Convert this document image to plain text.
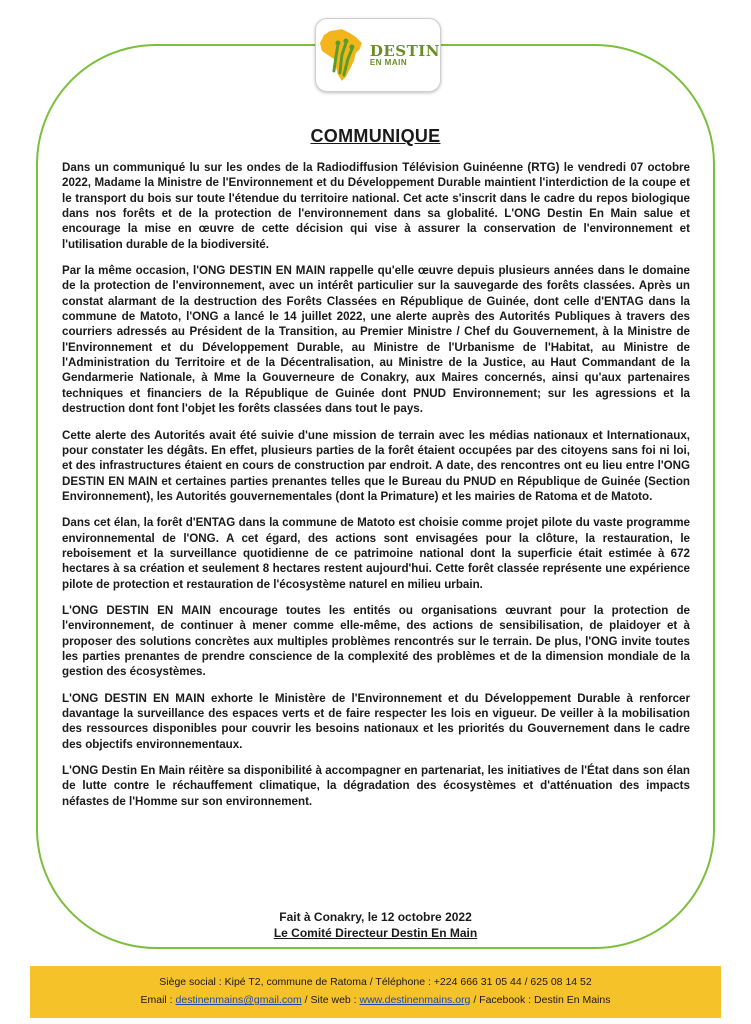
DESTIN
EN MAIN
COMMUNIQUE

Dans un communiqué lu sur les ondes de la Radiodiffusion Télévision Guinéenne (RTG) le vendredi 07 octobre 2022, Madame la Ministre de l'Environnement et du Développement Durable maintient l'interdiction de la coupe et le transport du bois sur toute l'étendue du territoire national. Cet acte s'inscrit dans le cadre du repos biologique dans nos forêts et de la protection de l'environnement dans sa globalité. L'ONG Destin En Main salue et encourage la mise en œuvre de cette décision qui vise à assurer la conservation de l'environnement et l'utilisation durable de la biodiversité.

Par la même occasion, l'ONG DESTIN EN MAIN rappelle qu'elle œuvre depuis plusieurs années dans le domaine de la protection de l'environnement, avec un intérêt particulier sur la sauvegarde des forêts classées. Après un constat alarmant de la destruction des Forêts Classées en République de Guinée, dont celle d'ENTAG dans la commune de Matoto, l'ONG a lancé le 14 juillet 2022, une alerte auprès des Autorités Publiques à travers des courriers adressés au Président de la Transition, au Premier Ministre / Chef du Gouvernement, à la Ministre de l'Environnement et du Développement Durable, au Ministre de l'Urbanisme de l'Habitat, au Ministre de l'Administration du Territoire et de la Décentralisation, au Ministre de la Justice, au Haut Commandant de la Gendarmerie Nationale, à Mme la Gouverneure de Conakry, aux Maires concernés, ainsi qu'aux partenaires techniques et financiers de la République de Guinée dont PNUD Environnement; sur les agressions et la destruction dont font l'objet les forêts classées dans tout le pays.

Cette alerte des Autorités avait été suivie d'une mission de terrain avec les médias nationaux et Internationaux, pour constater les dégâts. En effet, plusieurs parties de la forêt étaient occupées par des citoyens sans foi ni loi, et des infrastructures étaient en cours de construction par endroit. A date, des rencontres ont eu lieu entre l'ONG DESTIN EN MAIN et certaines parties prenantes telles que le Bureau du PNUD en République de Guinée (Section Environnement), les Autorités gouvernementales (dont la Primature) et les mairies de Ratoma et de Matoto.

Dans cet élan, la forêt d'ENTAG dans la commune de Matoto est choisie comme projet pilote du vaste programme environnemental de l'ONG. A cet égard, des actions sont envisagées pour la clôture, la restauration, le reboisement et la surveillance quotidienne de ce patrimoine national dont la superficie était estimée à 672 hectares à sa création et seulement 8 hectares restent aujourd'hui. Cette forêt classée représente une expérience pilote de protection et restauration de l'écosystème naturel en milieu urbain.

L'ONG DESTIN EN MAIN encourage toutes les entités ou organisations œuvrant pour la protection de l'environnement, de continuer à mener comme elle-même, des actions de sensibilisation, de plaidoyer et à proposer des solutions concrètes aux multiples problèmes rencontrés sur le terrain. De plus, l'ONG invite toutes les parties prenantes de prendre conscience de la complexité des problèmes et de la dimension mondiale de la gestion des écosystèmes.

L'ONG DESTIN EN MAIN exhorte le Ministère de l'Environnement et du Développement Durable à renforcer davantage la surveillance des espaces verts et de faire respecter les lois en vigueur. De veiller à la mobilisation des ressources disponibles pour couvrir les besoins nationaux et les priorités du Gouvernement dans le cadre des objectifs environnementaux.

L'ONG Destin En Main réitère sa disponibilité à accompagner en partenariat, les initiatives de l'État dans son élan de lutte contre le réchauffement climatique, la dégradation des écosystèmes et d'atténuation des impacts néfastes de l'Homme sur son environnement.

Fait à Conakry, le 12 octobre 2022
Le Comité Directeur Destin En Main
Siège social : Kipé T2, commune de Ratoma / Téléphone : +224 666 31 05 44 / 625 08 14 52
Email : destinenmains@gmail.com / Site web : www.destinenmains.org / Facebook : Destin En Mains
